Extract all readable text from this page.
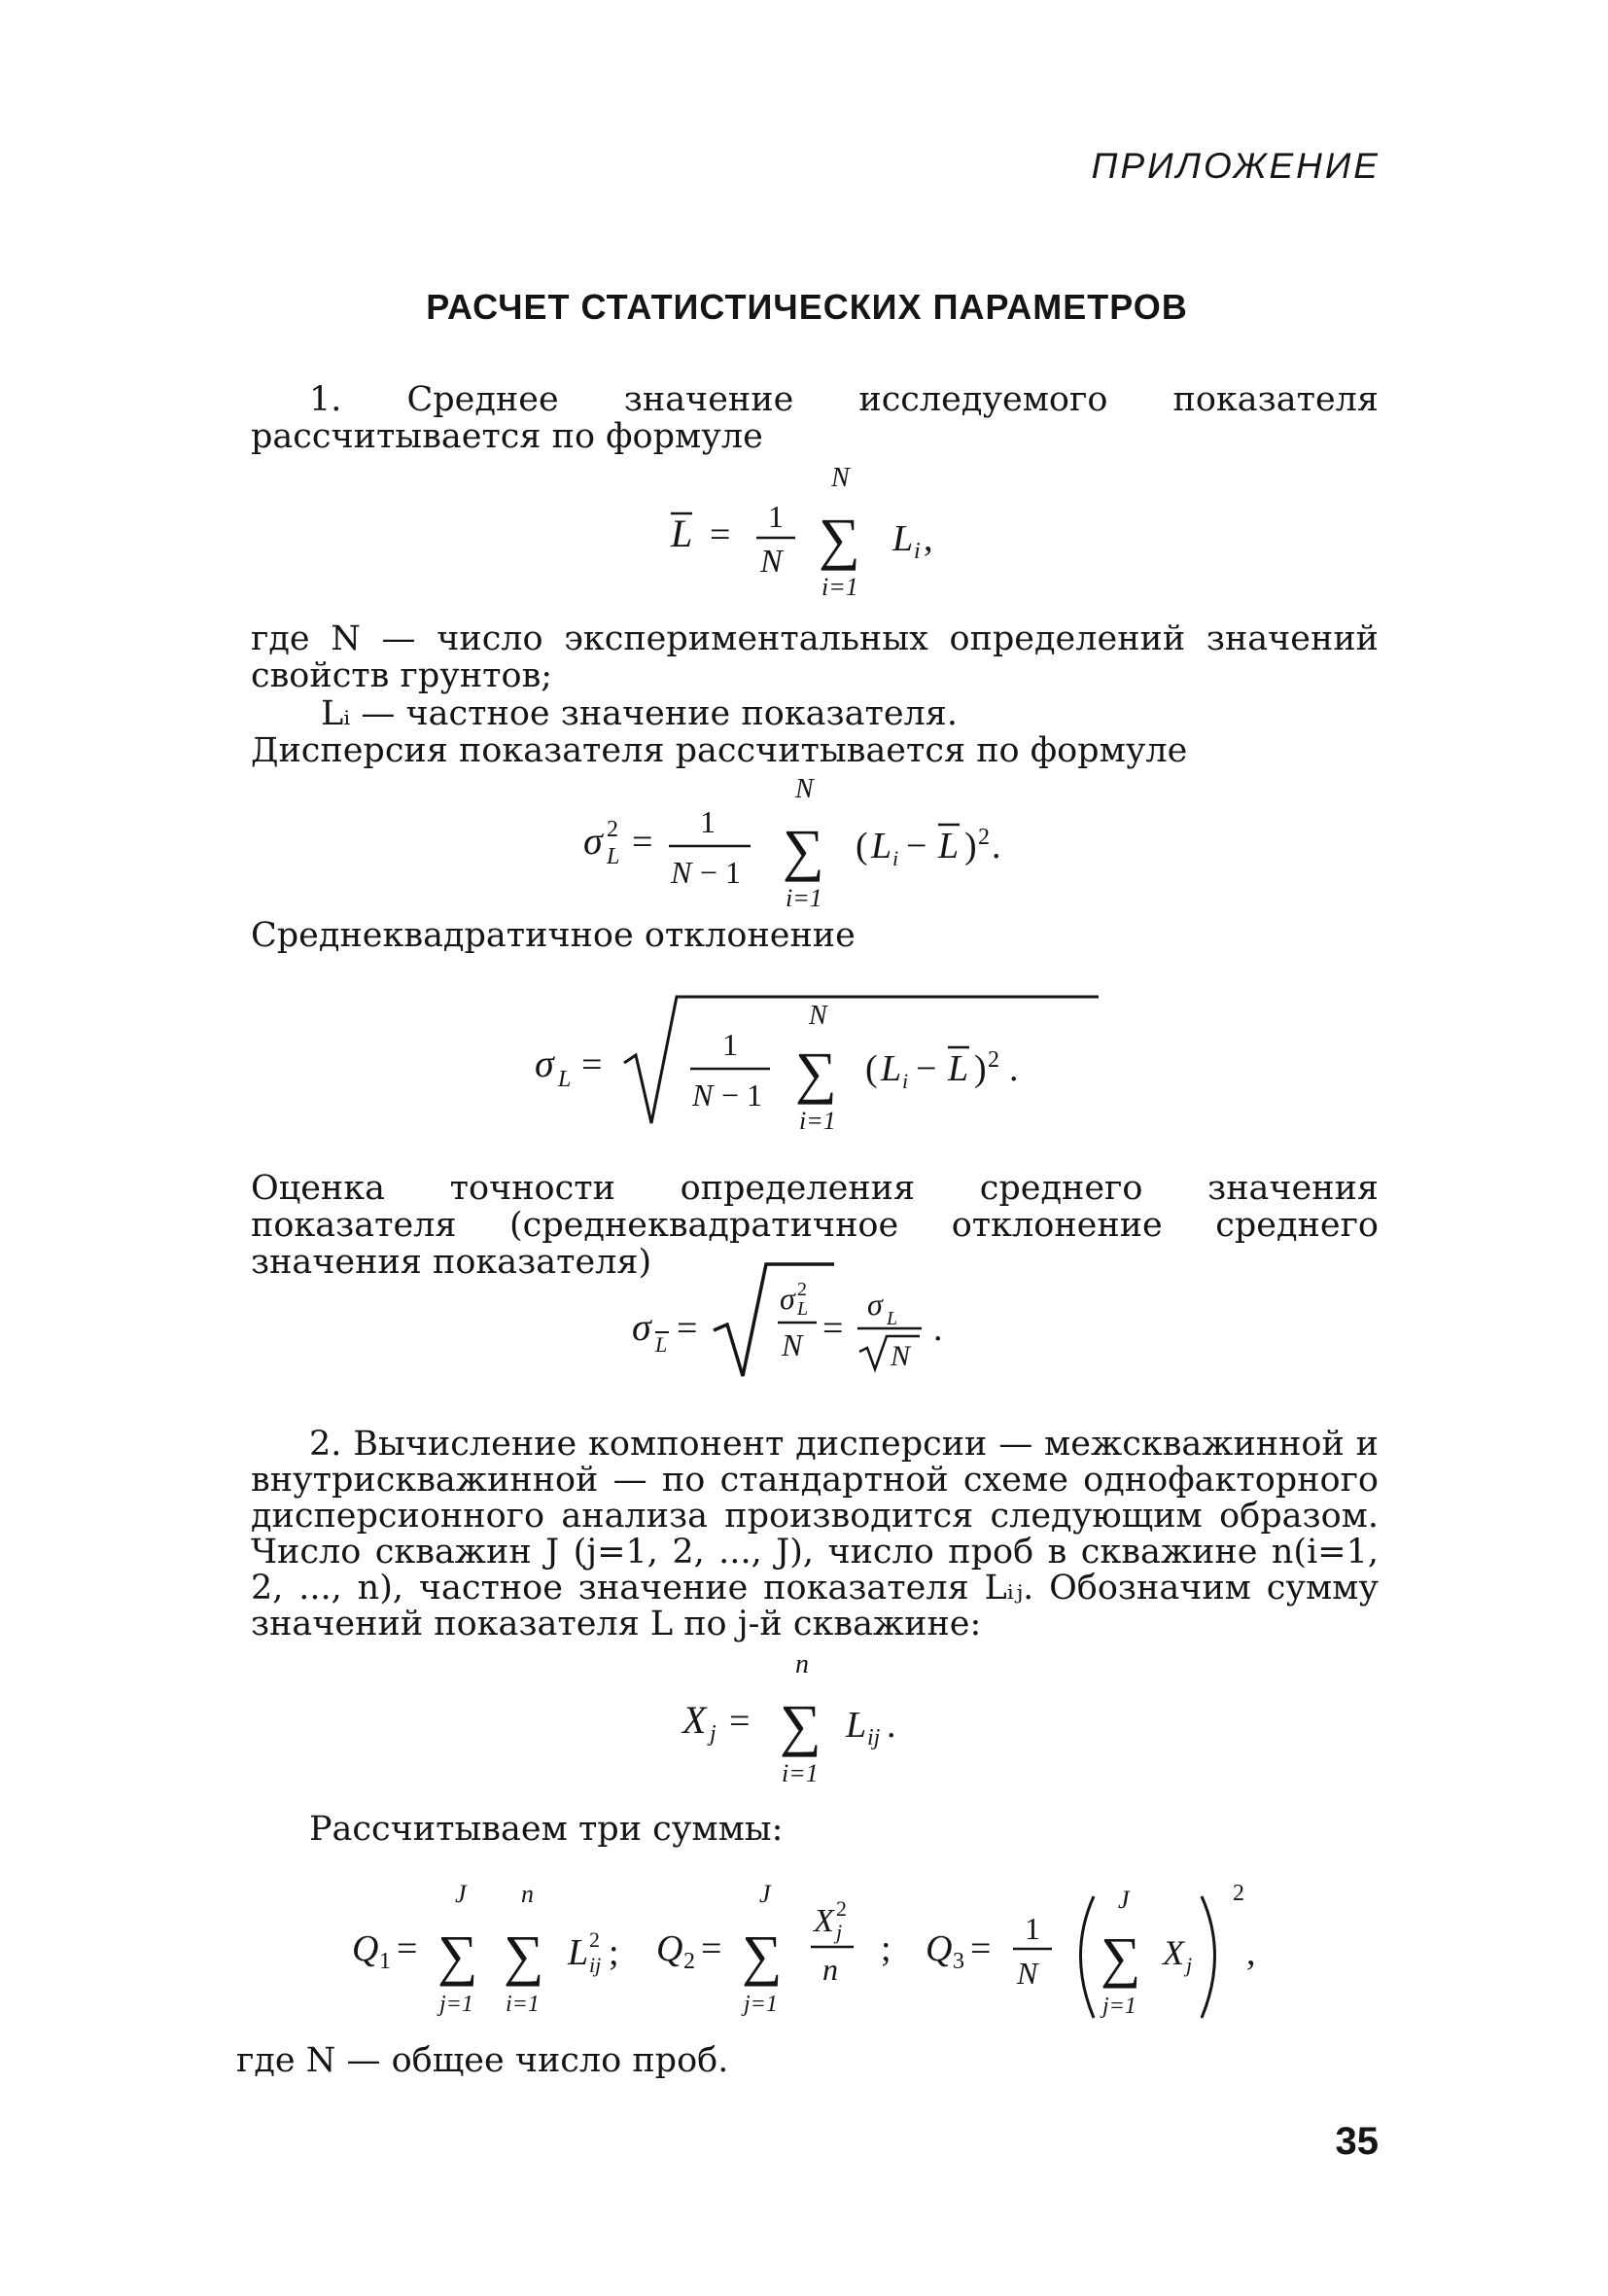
ПРИЛОЖЕНИЕ
РАСЧЕТ СТАТИСТИЧЕСКИХ ПАРАМЕТРОВ
1. Среднее значение исследуемого показателя рассчитывается по формуле
L = 1
N
N
∑
i=1
L i ,
где N — число экспериментальных определений значений свойств грунтов;
Lᵢ — частное значение показателя.
Дисперсия показателя рассчитывается по формуле
σ 2
L = 1
N − 1
N
∑
i=1
( L i − L ) 2 .
Среднеквадратичное отклонение
σ L =	1
N − 1
N
∑
i=1
( L i − L ) 2 .
Оценка точности определения среднего значения показателя (среднеквадратичное отклонение среднего значения показателя)
σ L =
σ 2
L
N =
σ L
N
.
2. Вычисление компонент дисперсии — межскважинной и внутрискважинной — по стандартной схеме однофакторного дисперсионного анализа производится следующим образом. Число скважин J (j=1, 2, ..., J), число проб в скважине n(i=1, 2, ..., n), частное значение показателя Lᵢⱼ. Обозначим сумму значений показателя L по j-й скважине:
X j =
n
∑
i=1
L ij .
Рассчитываем три суммы:
Q 1 =
J
∑
j=1
n
∑
i=1
L 2
ij ; Q 2 =
J
∑
j=1
X 2
j
n ; Q 3 = 1
N
J
∑
j=1
X j
2
,
где N — общее число проб.
35
